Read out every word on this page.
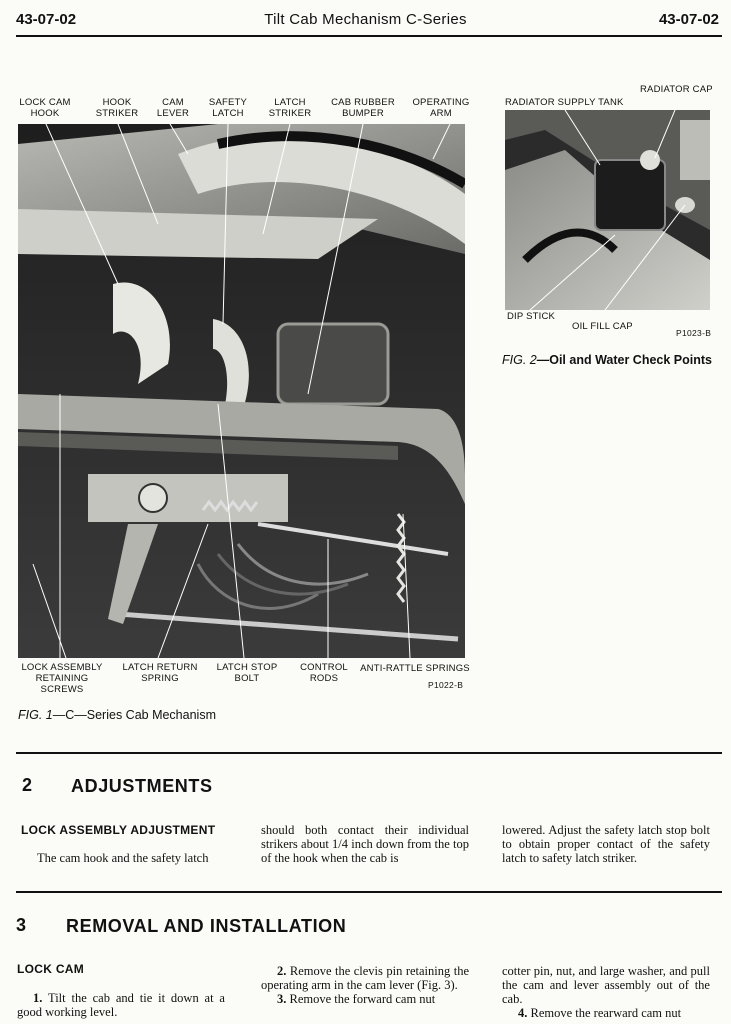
43-07-02	Tilt Cab Mechanism C-Series	43-07-02
LOCK CAM HOOK
HOOK STRIKER
CAM LEVER
SAFETY LATCH
LATCH STRIKER
CAB RUBBER BUMPER
OPERATING ARM
LOCK ASSEMBLY RETAINING SCREWS
LATCH RETURN SPRING
LATCH STOP BOLT
CONTROL RODS
ANTI-RATTLE SPRINGS
P1022-B
FIG. 1—C—Series Cab Mechanism
RADIATOR CAP
RADIATOR SUPPLY TANK
DIP STICK
OIL FILL CAP
P1023-B
FIG. 2—Oil and Water Check Points
2 ADJUSTMENTS
LOCK ASSEMBLY ADJUSTMENT

The cam hook and the safety latch

should both contact their individual strikers about 1/4 inch down from the top of the hook when the cab is

lowered. Adjust the safety latch stop bolt to obtain proper contact of the safety latch to safety latch striker.

3 REMOVAL AND INSTALLATION
LOCK CAM

1. Tilt the cab and tie it down at a good working level.

2. Remove the clevis pin retaining the operating arm in the cam lever (Fig. 3).

3. Remove the forward cam nut

cotter pin, nut, and large washer, and pull the cam and lever assembly out of the cab.

4. Remove the rearward cam nut
